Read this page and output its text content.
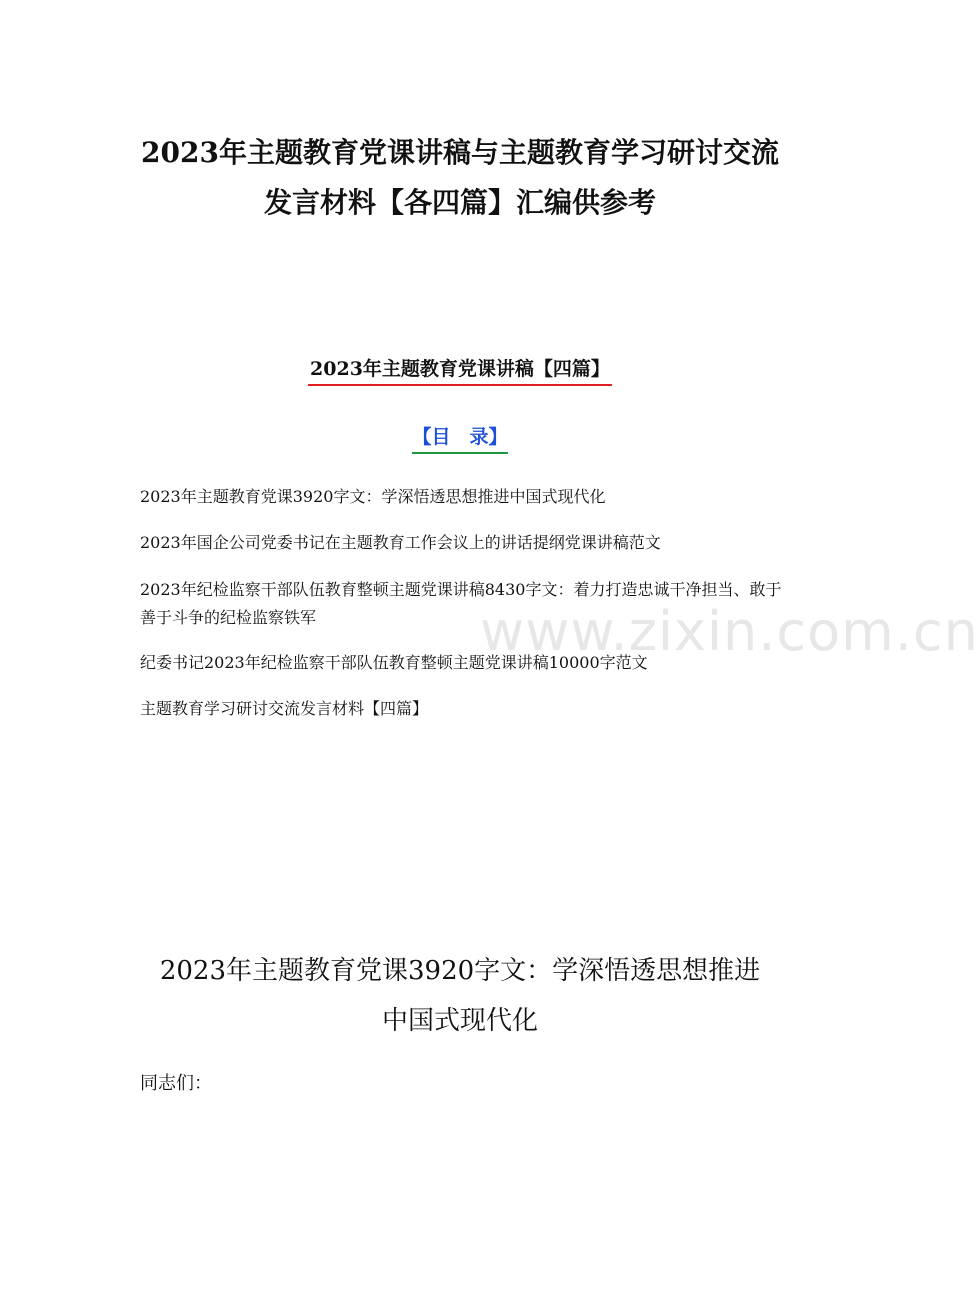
2023年主题教育党课讲稿与主题教育学习研讨交流
发言材料【各四篇】汇编供参考
2023年主题教育党课讲稿【四篇】
【目　录】
2023年主题教育党课3920字文：学深悟透思想推进中国式现代化
2023年国企公司党委书记在主题教育工作会议上的讲话提纲党课讲稿范文
2023年纪检监察干部队伍教育整顿主题党课讲稿8430字文：着力打造忠诚干净担当、敢于善于斗争的纪检监察铁军
纪委书记2023年纪检监察干部队伍教育整顿主题党课讲稿10000字范文
主题教育学习研讨交流发言材料【四篇】
www.zixin.com.cn
2023年主题教育党课3920字文：学深悟透思想推进
中国式现代化
同志们：
